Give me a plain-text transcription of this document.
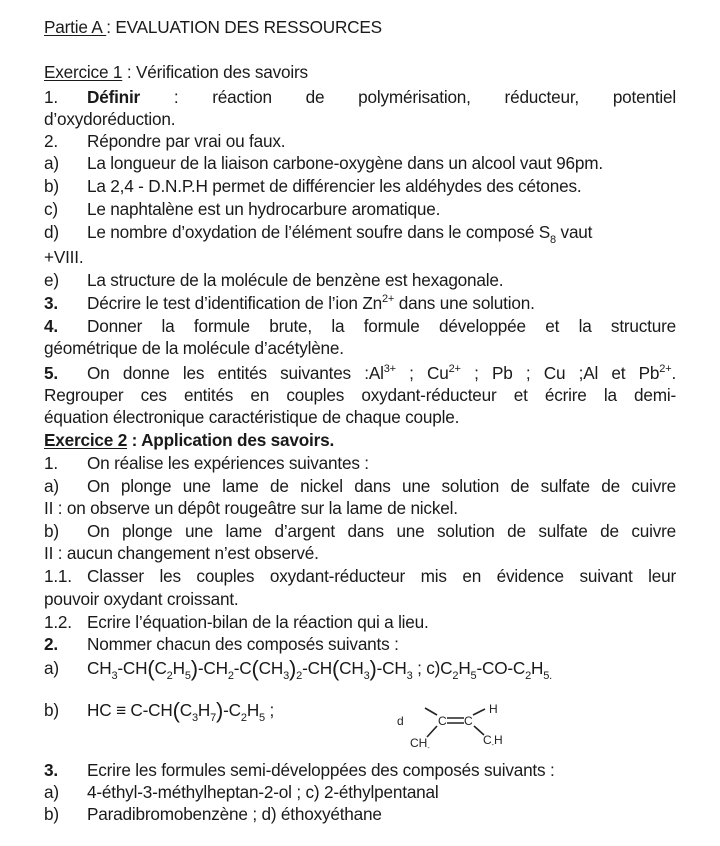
Partie A : EVALUATION DES RESSOURCES
Exercice 1 : Vérification des savoirs
1. Définir : réaction de polymérisation, réducteur, potentiel
d’oxydoréduction.
2. Répondre par vrai ou faux.
a) La longueur de la liaison carbone-oxygène dans un alcool vaut 96pm.
b) La 2,4 - D.N.P.H permet de différencier les aldéhydes des cétones.
c) Le naphtalène est un hydrocarbure aromatique.
d) Le nombre d’oxydation de l’élément soufre dans le composé $S_8$ vaut
+VIII.
e) La structure de la molécule de benzène est hexagonale.
3. Décrire le test d’identification de l’ion $Zn^{2+}$ dans une solution.
4. Donner la formule brute, la formule développée et la structure
géométrique de la molécule d’acétylène.
5. On donne les entités suivantes $:Al^{3+}$ ; $Cu^{2+}$ ; Pb ; Cu ;Al et $Pb^{2+}$.
Regrouper ces entités en couples oxydant-réducteur et écrire la demi-
équation électronique caractéristique de chaque couple.
Exercice 2 : Application des savoirs.
1. On réalise les expériences suivantes :
a) On plonge une lame de nickel dans une solution de sulfate de cuivre
II : on observe un dépôt rougeâtre sur la lame de nickel.
b) On plonge une lame d’argent dans une solution de sulfate de cuivre
II : aucun changement n’est observé.
1.1. Classer les couples oxydant-réducteur mis en évidence suivant leur
pouvoir oxydant croissant.
1.2. Ecrire l’équation-bilan de la réaction qui a lieu.
2. Nommer chacun des composés suivants :
a) $CH_3-CH(C_2H_5)-CH_2-C(CH_3)_2-CH(CH_3)-CH_3$ ; $c)C_2H_5-CO-C_2H_{5.}$
b) HC ≡ $C-CH(C_3H_7)-C_2H_5$ ;
3. Ecrire les formules semi-développées des composés suivants :
a) 4-éthyl-3-méthylheptan-2-ol ; c) 2-éthylpentanal
b) Paradibromobenzène ; d) éthoxyéthane
d
$CH_-$
C C
H
$C_-H$
